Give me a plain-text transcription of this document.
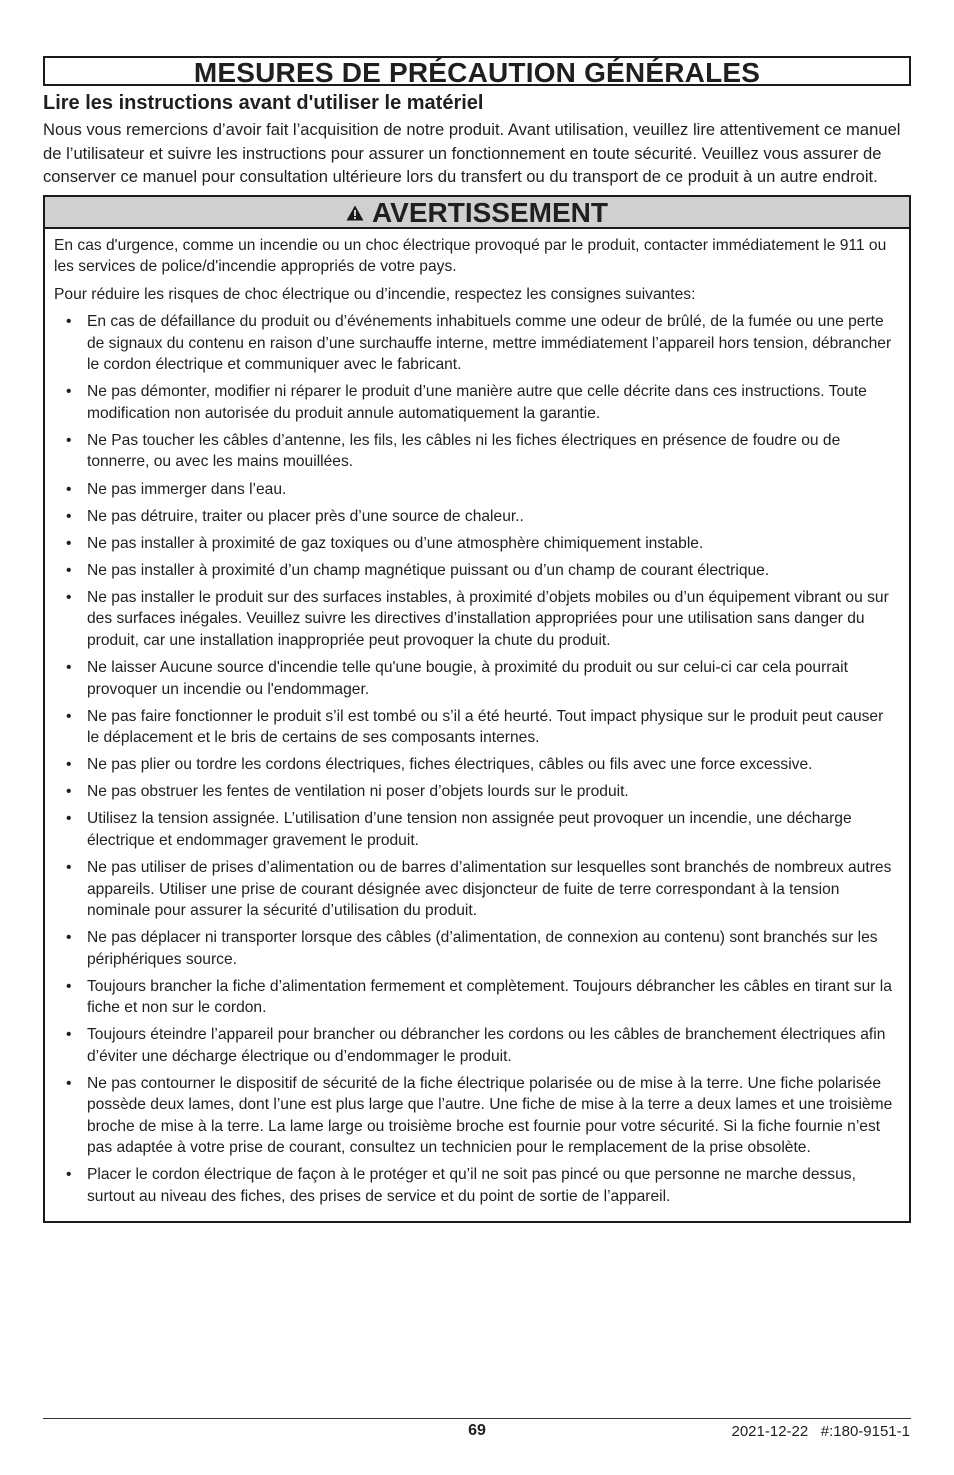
MESURES DE PRÉCAUTION GÉNÉRALES
Lire les instructions avant d'utiliser le matériel
Nous vous remercions d’avoir fait l’acquisition de notre produit. Avant utilisation, veuillez lire attentivement ce manuel de l’utilisateur et suivre les instructions pour assurer un fonctionnement en toute sécurité. Veuillez vous assurer de conserver ce manuel pour consultation ultérieure lors du transfert ou du transport de ce produit à un autre endroit.
AVERTISSEMENT

En cas d'urgence, comme un incendie ou un choc électrique provoqué par le produit, contacter immédiatement le 911 ou les services de police/d'incendie appropriés de votre pays.

Pour réduire les risques de choc électrique ou d’incendie, respectez les consignes suivantes:

• En cas de défaillance du produit ou d’événements inhabituels comme une odeur de brûlé, de la fumée ou une perte de signaux du contenu en raison d’une surchauffe interne, mettre immédiatement l’appareil hors tension, débrancher le cordon électrique et communiquer avec le fabricant.
• Ne pas démonter, modifier ni réparer le produit d’une manière autre que celle décrite dans ces instructions. Toute modification non autorisée du produit annule automatiquement la garantie.
• Ne Pas toucher les câbles d’antenne, les fils, les câbles ni les fiches électriques en présence de foudre ou de tonnerre, ou avec les mains mouillées.
• Ne pas immerger dans l’eau.
• Ne pas détruire, traiter ou placer près d’une source de chaleur..
• Ne pas installer à proximité de gaz toxiques ou d’une atmosphère chimiquement instable.
• Ne pas installer à proximité d’un champ magnétique puissant ou d’un champ de courant électrique.
• Ne pas installer le produit sur des surfaces instables, à proximité d’objets mobiles ou d’un équipement vibrant ou sur des surfaces inégales. Veuillez suivre les directives d’installation appropriées pour une utilisation sans danger du produit, car une installation inappropriée peut provoquer la chute du produit.
• Ne laisser Aucune source d'incendie telle qu'une bougie, à proximité du produit ou sur celui-ci car cela pourrait provoquer un incendie ou l'endommager.
• Ne pas faire fonctionner le produit s’il est tombé ou s’il a été heurté. Tout impact physique sur le produit peut causer le déplacement et le bris de certains de ses composants internes.
• Ne pas plier ou tordre les cordons électriques, fiches électriques, câbles ou fils avec une force excessive.
• Ne pas obstruer les fentes de ventilation ni poser d’objets lourds sur le produit.
• Utilisez la tension assignée. L’utilisation d’une tension non assignée peut provoquer un incendie, une décharge électrique et endommager gravement le produit.
• Ne pas utiliser de prises d’alimentation ou de barres d’alimentation sur lesquelles sont branchés de nombreux autres appareils. Utiliser une prise de courant désignée avec disjoncteur de fuite de terre correspondant à la tension nominale pour assurer la sécurité d’utilisation du produit.
• Ne pas déplacer ni transporter lorsque des câbles (d’alimentation, de connexion au contenu) sont branchés sur les périphériques source.
• Toujours brancher la fiche d’alimentation fermement et complètement. Toujours débrancher les câbles en tirant sur la fiche et non sur le cordon.
• Toujours éteindre l’appareil pour brancher ou débrancher les cordons ou les câbles de branchement électriques afin d’éviter une décharge électrique ou d’endommager le produit.
• Ne pas contourner le dispositif de sécurité de la fiche électrique polarisée ou de mise à la terre. Une fiche polarisée possède deux lames, dont l’une est plus large que l’autre. Une fiche de mise à la terre a deux lames et une troisième broche de mise à la terre. La lame large ou troisième broche est fournie pour votre sécurité. Si la fiche fournie n’est pas adaptée à votre prise de courant, consultez un technicien pour le remplacement de la prise obsolète.
• Placer le cordon électrique de façon à le protéger et qu’il ne soit pas pincé ou que personne ne marche dessus, surtout au niveau des fiches, des prises de service et du point de sortie de l’appareil.
69	2021-12-22 #:180-9151-1
